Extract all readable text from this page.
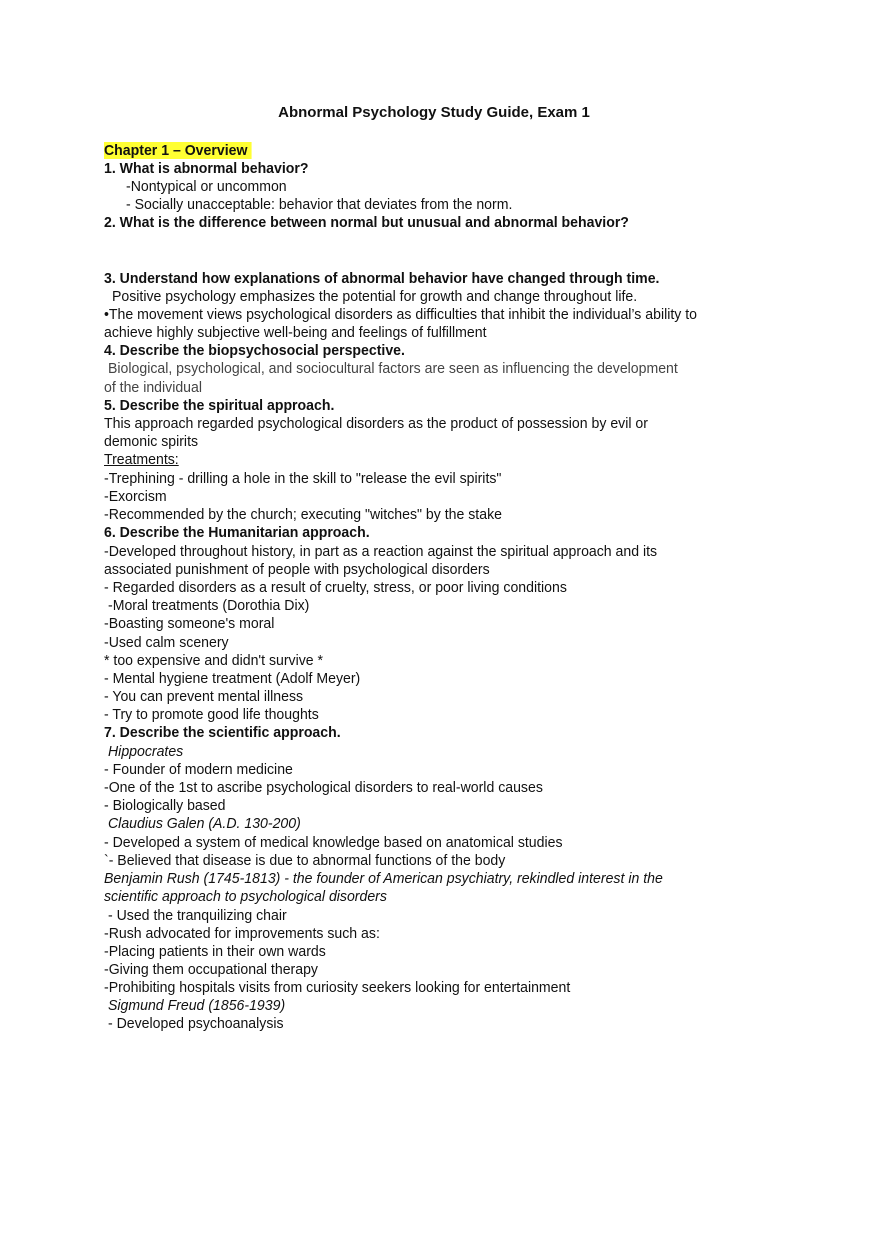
Abnormal Psychology Study Guide, Exam 1
Chapter 1 – Overview
1. What is abnormal behavior?
-Nontypical or uncommon
- Socially unacceptable: behavior that deviates from the norm.
2. What is the difference between normal but unusual and abnormal behavior?
3. Understand how explanations of abnormal behavior have changed through time.
Positive psychology emphasizes the potential for growth and change throughout life.
•The movement views psychological disorders as difficulties that inhibit the individual’s ability to
achieve highly subjective well-being and feelings of fulfillment
4. Describe the biopsychosocial perspective.
Biological, psychological, and sociocultural factors are seen as influencing the development
of the individual
5. Describe the spiritual approach.
This approach regarded psychological disorders as the product of possession by evil or
demonic spirits
Treatments:
-Trephining - drilling a hole in the skill to "release the evil spirits"
-Exorcism
-Recommended by the church; executing "witches" by the stake
6. Describe the Humanitarian approach.
-Developed throughout history, in part as a reaction against the spiritual approach and its
associated punishment of people with psychological disorders
- Regarded disorders as a result of cruelty, stress, or poor living conditions
-Moral treatments (Dorothia Dix)
-Boasting someone's moral
-Used calm scenery
* too expensive and didn't survive *
- Mental hygiene treatment (Adolf Meyer)
- You can prevent mental illness
- Try to promote good life thoughts
7. Describe the scientific approach.
Hippocrates
- Founder of modern medicine
-One of the 1st to ascribe psychological disorders to real-world causes
- Biologically based
Claudius Galen (A.D. 130-200)
- Developed a system of medical knowledge based on anatomical studies
`- Believed that disease is due to abnormal functions of the body
Benjamin Rush (1745-1813) - the founder of American psychiatry, rekindled interest in the
scientific approach to psychological disorders
- Used the tranquilizing chair
-Rush advocated for improvements such as:
-Placing patients in their own wards
-Giving them occupational therapy
-Prohibiting hospitals visits from curiosity seekers looking for entertainment
Sigmund Freud (1856-1939)
- Developed psychoanalysis
